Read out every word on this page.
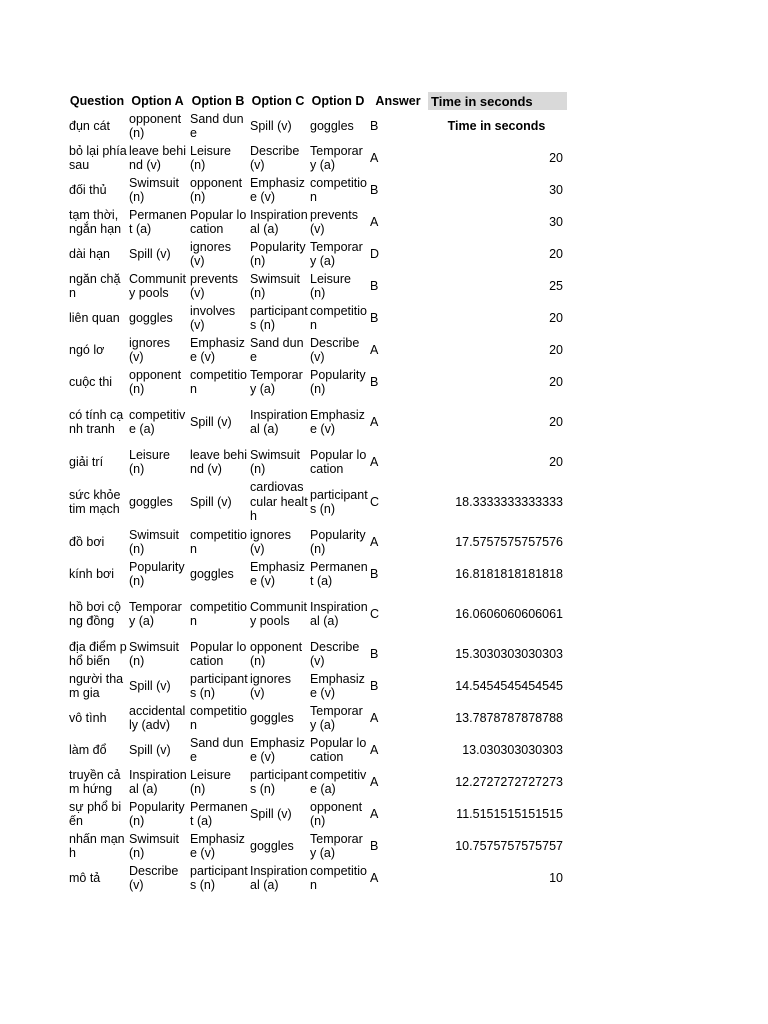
Question	Option A	Option B	Option C	Option D	Answer	Time in seconds
đụn cát	opponent (n)	Sand dune	Spill (v)	goggles	B	Time in seconds
bỏ lại phía sau	leave behind (v)	Leisure (n)	Describe (v)	Temporary (a)	A	20
đối thủ	Swimsuit (n)	opponent (n)	Emphasize (v)	competition	B	30
tạm thời, ngắn hạn	Permanent (a)	Popular location	Inspirational (a)	prevents (v)	A	30
dài hạn	Spill (v)	ignores (v)	Popularity (n)	Temporary (a)	D	20
ngăn chặn	Community pools	prevents (v)	Swimsuit (n)	Leisure (n)	B	25
liên quan	goggles	involves (v)	participants (n)	competition	B	20
ngó lơ	ignores (v)	Emphasize (v)	Sand dune	Describe (v)	A	20
cuộc thi	opponent (n)	competition	Temporary (a)	Popularity (n)	B	20
có tính cạnh tranh	competitive (a)	Spill (v)	Inspirational (a)	Emphasize (v)	A	20
giải trí	Leisure (n)	leave behind (v)	Swimsuit (n)	Popular location	A	20
sức khỏe tim mạch	goggles	Spill (v)	cardiovascular health	participants (n)	C	18.3333333333333
đồ bơi	Swimsuit (n)	competition	ignores (v)	Popularity (n)	A	17.5757575757576
kính bơi	Popularity (n)	goggles	Emphasize (v)	Permanent (a)	B	16.8181818181818
hồ bơi cộng đồng	Temporary (a)	competition	Community pools	Inspirational (a)	C	16.0606060606061
địa điểm phổ biến	Swimsuit (n)	Popular location	opponent (n)	Describe (v)	B	15.3030303030303
người tham gia	Spill (v)	participants (n)	ignores (v)	Emphasize (v)	B	14.5454545454545
vô tình	accidentally (adv)	competition	goggles	Temporary (a)	A	13.7878787878788
làm đổ	Spill (v)	Sand dune	Emphasize (v)	Popular location	A	13.030303030303
truyền cảm hứng	Inspirational (a)	Leisure (n)	participants (n)	competitive (a)	A	12.2727272727273
sự phổ biến	Popularity (n)	Permanent (a)	Spill (v)	opponent (n)	A	11.5151515151515
nhấn mạnh	Swimsuit (n)	Emphasize (v)	goggles	Temporary (a)	B	10.7575757575757
mô tả	Describe (v)	participants (n)	Inspirational (a)	competition	A	10
